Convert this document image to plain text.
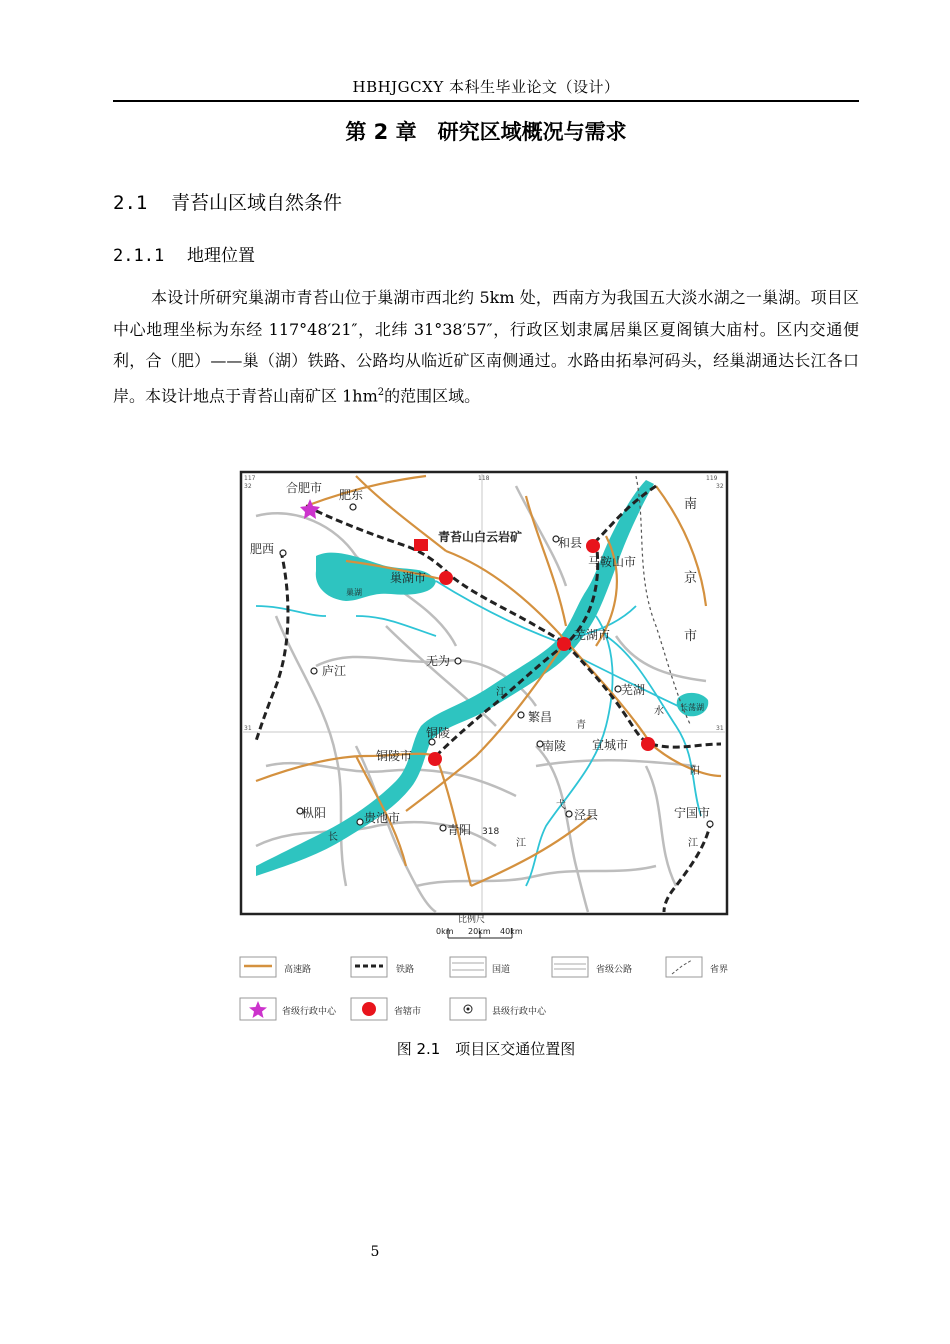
HBHJGCXY 本科生毕业论文（设计）
第 2 章　研究区域概况与需求
2.1 青苔山区域自然条件
2.1.1 地理位置

本设计所研究巢湖市青苔山位于巢湖市西北约 5km 处，西南方为我国五大淡水湖之一巢湖。项目区中心地理坐标为东经 117°48′21″，北纬 31°38′57″，行政区划隶属居巢区夏阁镇大庙村。区内交通便利，合（肥）——巢（湖）铁路、公路均从临近矿区南侧通过。水路由拓皋河码头，经巢湖通达长江各口岸。本设计地点于青苔山南矿区 $1hm^2$的范围区域。

117	118	119
32	32
31	31
合肥市 肥东
肥西
巢湖市
巢湖
青苔山白云岩矿	和县
马鞍山市
芜湖市
无为
庐江
芜湖
繁昌
铜陵
铜陵市
南陵 宣城市
长荡湖
枞阳	贵池市
青阳
泾县	宁国市
318
江
长
青
弋
江
水
阳
江
南
京
市
比例尺
0km 20km 40km
高速路	铁路	国道	省级公路	省界
省级行政中心	省辖市	县级行政中心
图 2.1　项目区交通位置图
5
